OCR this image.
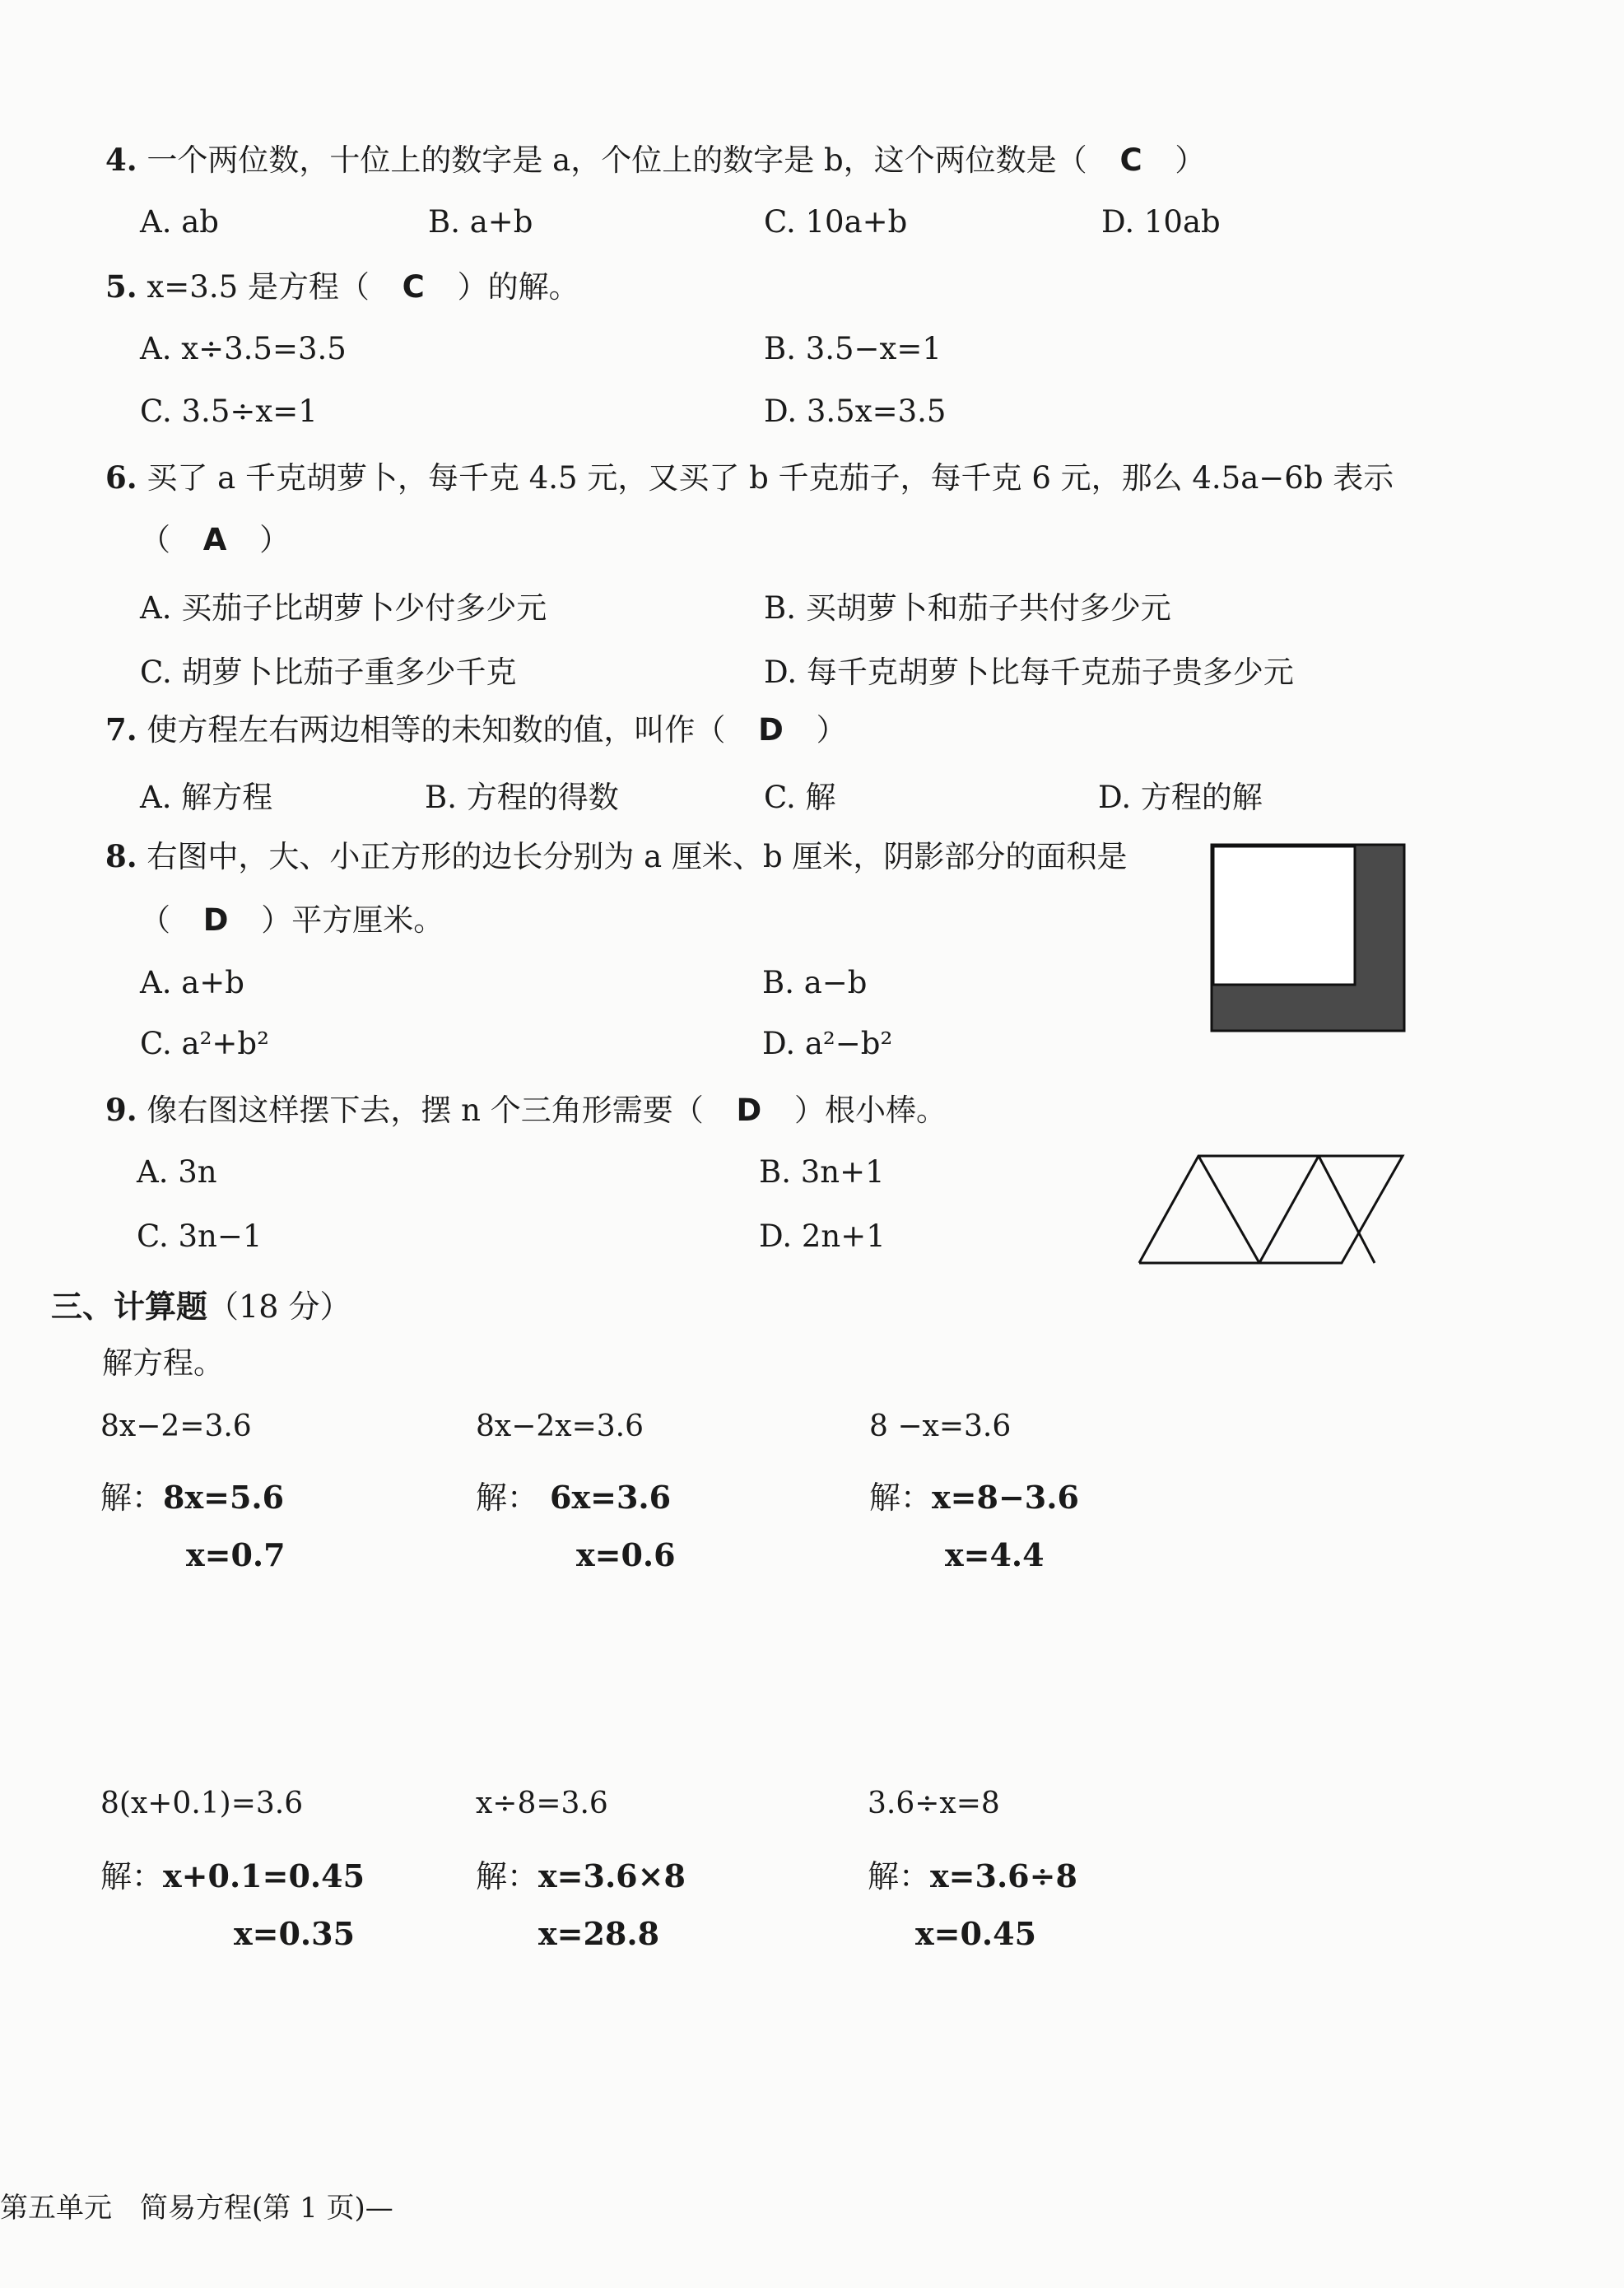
4. 一个两位数，十位上的数字是 a，个位上的数字是 b，这个两位数是（ C ）
A. ab	B. a+b	C. 10a+b	D. 10ab
5. x=3.5 是方程（ C ）的解。
A. x÷3.5=3.5	B. 3.5−x=1
C. 3.5÷x=1	D. 3.5x=3.5
6. 买了 a 千克胡萝卜，每千克 4.5 元，又买了 b 千克茄子，每千克 6 元，那么 4.5a−6b 表示
（ A ）
A. 买茄子比胡萝卜少付多少元	B. 买胡萝卜和茄子共付多少元
C. 胡萝卜比茄子重多少千克	D. 每千克胡萝卜比每千克茄子贵多少元
7. 使方程左右两边相等的未知数的值，叫作（ D ）
A. 解方程	B. 方程的得数	C. 解	D. 方程的解
8. 右图中，大、小正方形的边长分别为 a 厘米、b 厘米，阴影部分的面积是
（ D ）平方厘米。
A. a+b	B. a−b
C. a²+b²	D. a²−b²
9. 像右图这样摆下去，摆 n 个三角形需要（ D ）根小棒。
A. 3n	B. 3n+1
C. 3n−1	D. 2n+1
三、计算题（18 分）
解方程。
8x−2=3.6	8x−2x=3.6	8 −x=3.6
解：8x=5.6	解： 6x=3.6	解：x=8−3.6
x=0.7	x=0.6	x=4.4
8(x+0.1)=3.6	x÷8=3.6	3.6÷x=8
解：x+0.1=0.45	解：x=3.6×8	解：x=3.6÷8
x=0.35	x=28.8	x=0.45
第五单元　简易方程(第 1 页)—
